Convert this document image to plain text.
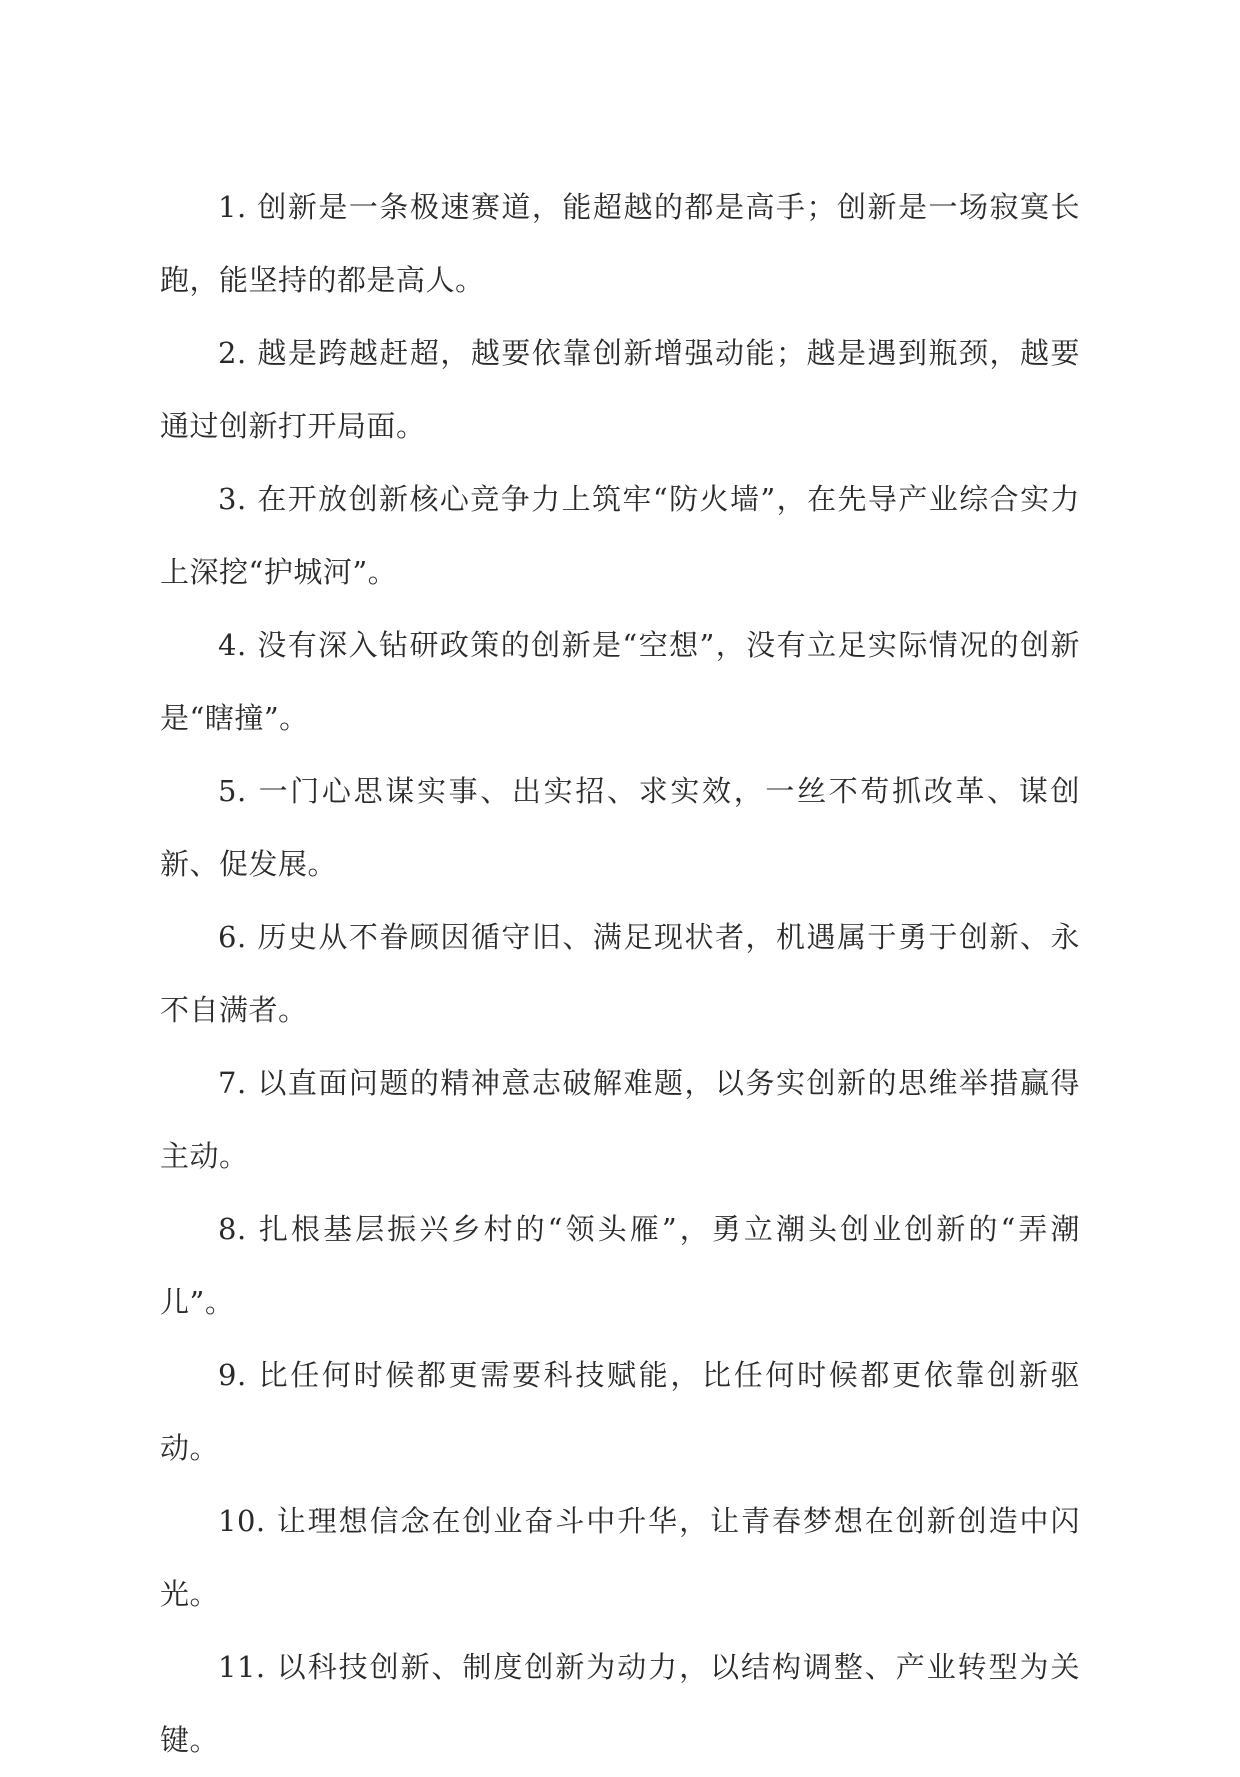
1. 创新是一条极速赛道，能超越的都是高手；创新是一场寂寞长跑，能坚持的都是高人。

2. 越是跨越赶超，越要依靠创新增强动能；越是遇到瓶颈，越要通过创新打开局面。

3. 在开放创新核心竞争力上筑牢“防火墙”，在先导产业综合实力上深挖“护城河”。

4. 没有深入钻研政策的创新是“空想”，没有立足实际情况的创新是“瞎撞”。

5. 一门心思谋实事、出实招、求实效，一丝不苟抓改革、谋创新、促发展。

6. 历史从不眷顾因循守旧、满足现状者，机遇属于勇于创新、永不自满者。

7. 以直面问题的精神意志破解难题，以务实创新的思维举措赢得主动。

8. 扎根基层振兴乡村的“领头雁”，勇立潮头创业创新的“弄潮儿”。

9. 比任何时候都更需要科技赋能，比任何时候都更依靠创新驱动。

10. 让理想信念在创业奋斗中升华，让青春梦想在创新创造中闪光。

11. 以科技创新、制度创新为动力，以结构调整、产业转型为关键。
